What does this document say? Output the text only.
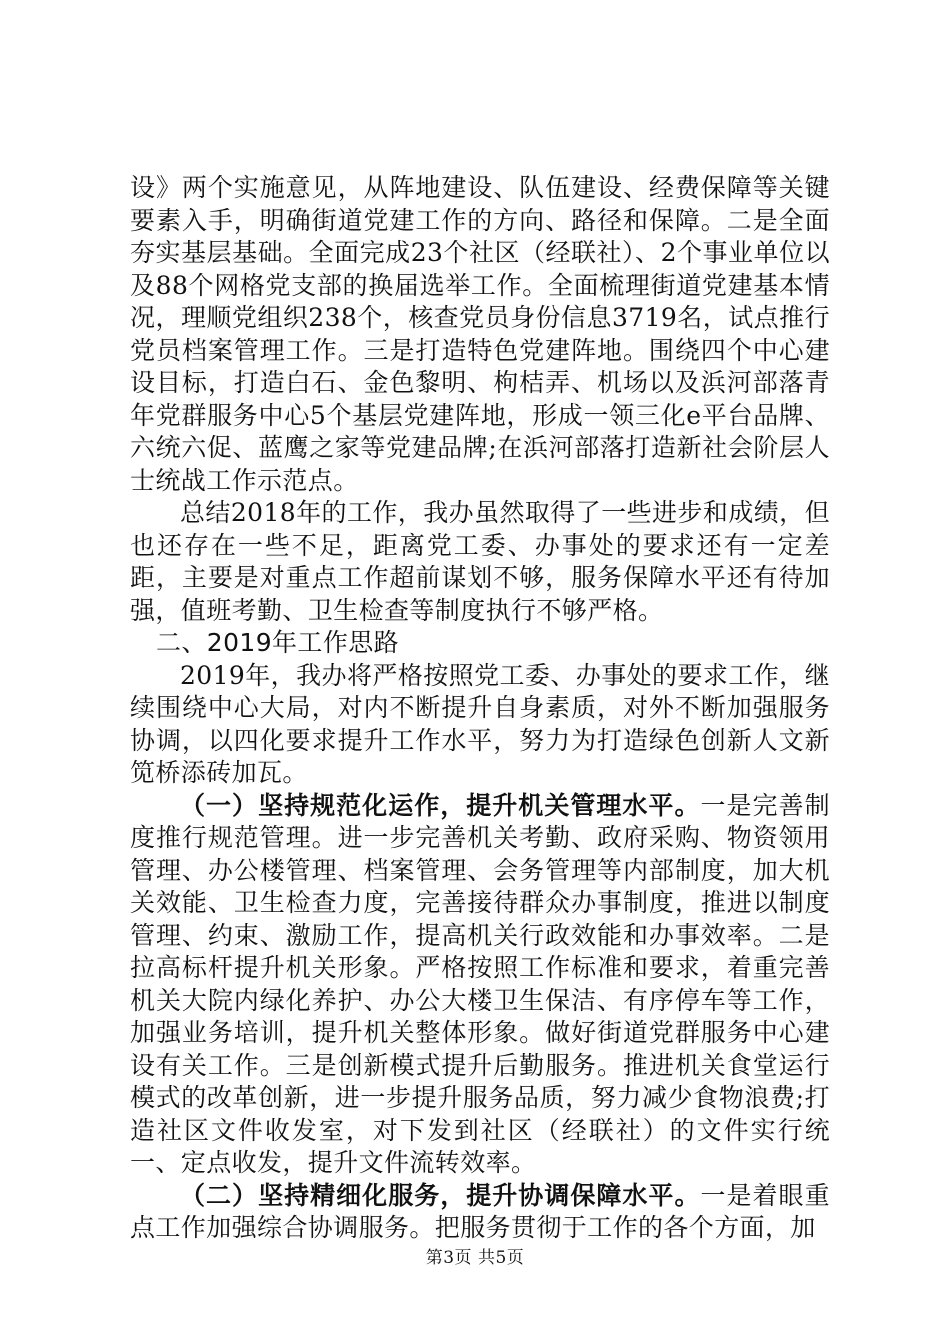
设》两个实施意见，从阵地建设、队伍建设、经费保障等关键要素入手，明确街道党建工作的方向、路径和保障。二是全面夯实基层基础。全面完成23个社区（经联社）、2个事业单位以及88个网格党支部的换届选举工作。全面梳理街道党建基本情况，理顺党组织238个，核查党员身份信息3719名，试点推行党员档案管理工作。三是打造特色党建阵地。围绕四个中心建设目标，打造白石、金色黎明、枸桔弄、机场以及浜河部落青年党群服务中心5个基层党建阵地，形成一领三化e平台品牌、六统六促、蓝鹰之家等党建品牌;在浜河部落打造新社会阶层人士统战工作示范点。

总结2018年的工作，我办虽然取得了一些进步和成绩，但也还存在一些不足，距离党工委、办事处的要求还有一定差距，主要是对重点工作超前谋划不够，服务保障水平还有待加强，值班考勤、卫生检查等制度执行不够严格。

二、2019年工作思路

2019年，我办将严格按照党工委、办事处的要求工作，继续围绕中心大局，对内不断提升自身素质，对外不断加强服务协调，以四化要求提升工作水平，努力为打造绿色创新人文新笕桥添砖加瓦。

（一）坚持规范化运作，提升机关管理水平。一是完善制度推行规范管理。进一步完善机关考勤、政府采购、物资领用管理、办公楼管理、档案管理、会务管理等内部制度，加大机关效能、卫生检查力度，完善接待群众办事制度，推进以制度管理、约束、激励工作，提高机关行政效能和办事效率。二是拉高标杆提升机关形象。严格按照工作标准和要求，着重完善机关大院内绿化养护、办公大楼卫生保洁、有序停车等工作，加强业务培训，提升机关整体形象。做好街道党群服务中心建设有关工作。三是创新模式提升后勤服务。推进机关食堂运行模式的改革创新，进一步提升服务品质，努力减少食物浪费;打造社区文件收发室，对下发到社区（经联社）的文件实行统一、定点收发，提升文件流转效率。

（二）坚持精细化服务，提升协调保障水平。一是着眼重点工作加强综合协调服务。把服务贯彻于工作的各个方面，加

第3页 共5页
